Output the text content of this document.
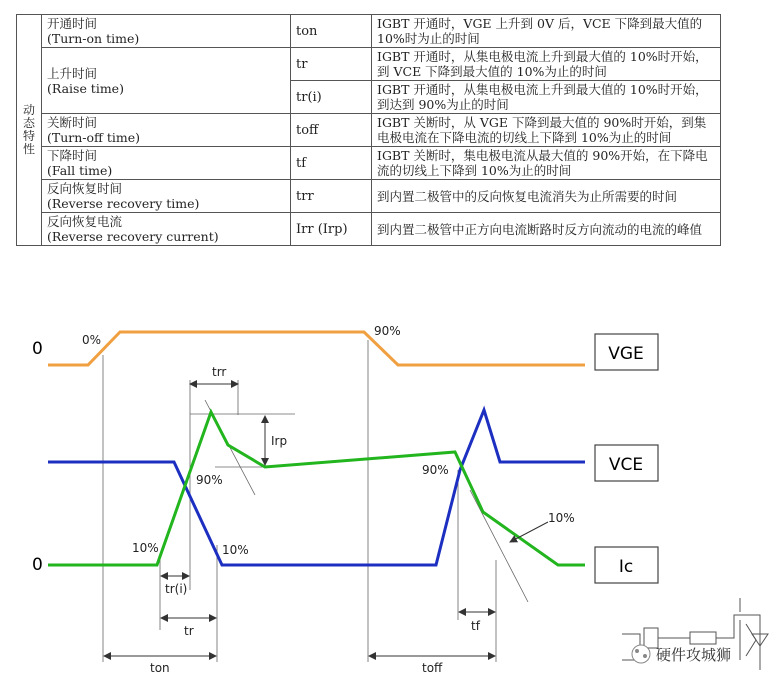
动态特性	开通时间
(Turn-on time)	ton	IGBT 开通时，VGE 上升到 0V 后，VCE 下降到最大值的 10%时为止的时间

	上升时间
(Raise time)	tr	IGBT 开通时，从集电极电流上升到最大值的 10%时开始，到 VCE 下降到最大值的 10%为止的时间
		tr(i)	IGBT 开通时，从集电极电流上升到最大值的 10%时开始，到达到 90%为止的时间

	关断时间
(Turn-off time)	toff	IGBT 关断时，从 VGE 下降到最大值的 90%时开始，到集电极电流在下降电流的切线上下降到 10%为止的时间

	下降时间
(Fall time)	tf	IGBT 关断时，集电极电流从最大值的 90%开始，在下降电流的切线上下降到 10%为止的时间

	反向恢复时间
(Reverse recovery time)	trr	到内置二极管中的反向恢复电流消失为止所需要的时间

	反向恢复电流
(Reverse recovery current)	Irr (Irp)	到内置二极管中正方向电流断路时反方向流动的电流的峰值
0
0
0%
90%
90%
10%	10%
90%
10%
trr
Irp
tr(i)
tr
ton
tf
toff
VGE
VCE
Ic
硬件攻城狮
